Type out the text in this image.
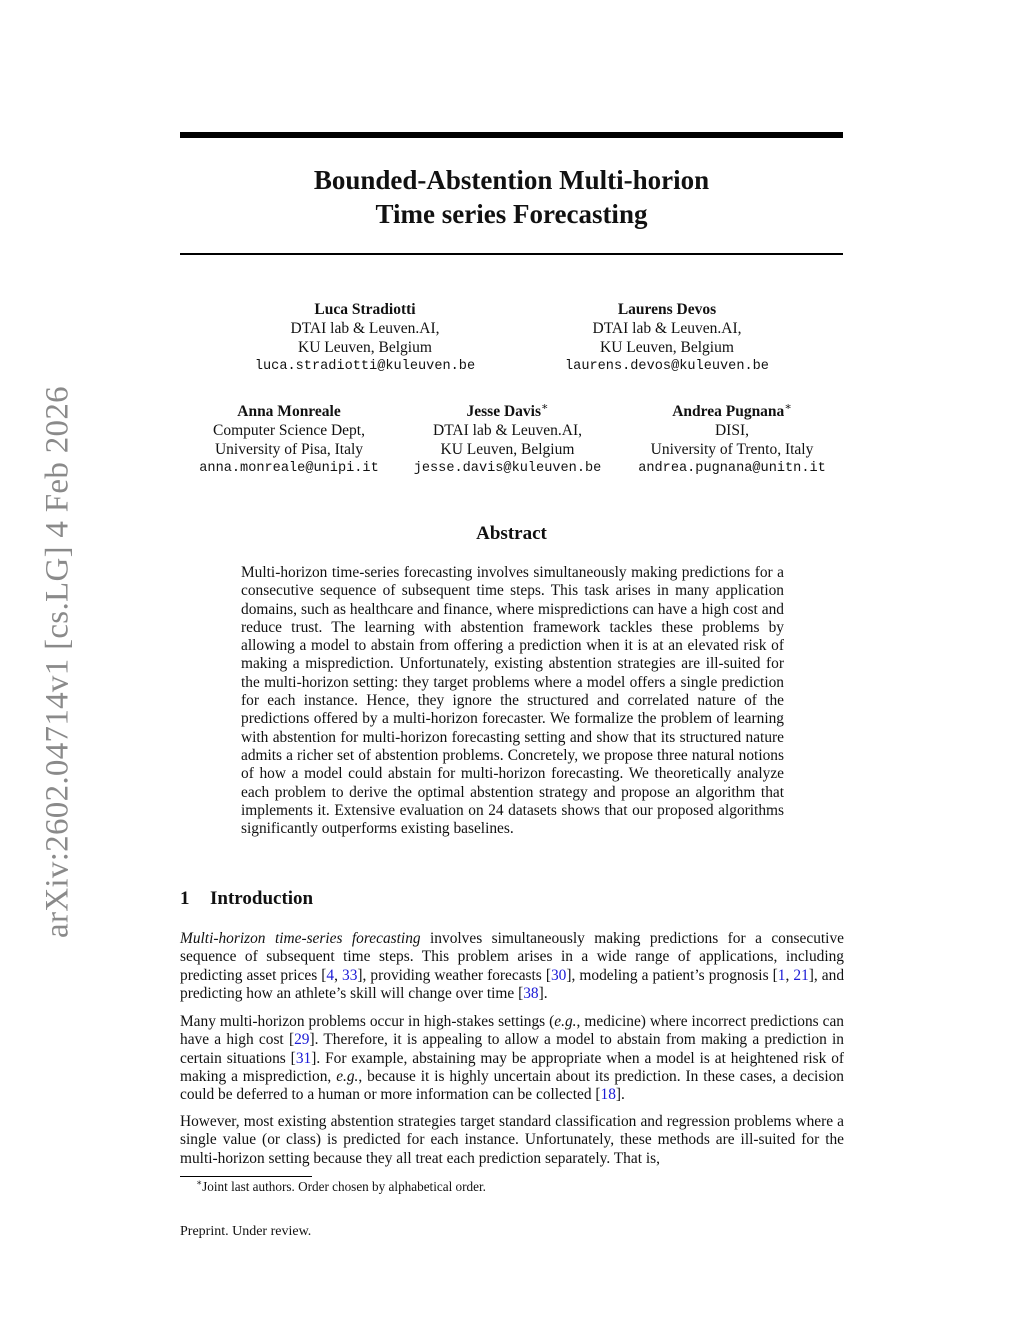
arXiv:2602.04714v1 [cs.LG] 4 Feb 2026
Bounded-Abstention Multi-horion
Time series Forecasting
Luca Stradiotti
DTAI lab & Leuven.AI,
KU Leuven, Belgium
luca.stradiotti@kuleuven.be
Laurens Devos
DTAI lab & Leuven.AI,
KU Leuven, Belgium
laurens.devos@kuleuven.be
Anna Monreale
Computer Science Dept,
University of Pisa, Italy
anna.monreale@unipi.it
Jesse Davis∗
DTAI lab & Leuven.AI,
KU Leuven, Belgium
jesse.davis@kuleuven.be
Andrea Pugnana∗
DISI,
University of Trento, Italy
andrea.pugnana@unitn.it
Abstract
Multi-horizon time-series forecasting involves simultaneously making predictions for a consecutive sequence of subsequent time steps. This task arises in many application domains, such as healthcare and finance, where mispredictions can have a high cost and reduce trust. The learning with abstention framework tackles these problems by allowing a model to abstain from offering a prediction when it is at an elevated risk of making a misprediction. Unfortunately, existing abstention strategies are ill-suited for the multi-horizon setting: they target problems where a model offers a single prediction for each instance. Hence, they ignore the structured and correlated nature of the predictions offered by a multi-horizon forecaster. We formalize the problem of learning with abstention for multi-horizon forecasting setting and show that its structured nature admits a richer set of abstention problems. Concretely, we propose three natural notions of how a model could abstain for multi-horizon forecasting. We theoretically analyze each problem to derive the optimal abstention strategy and propose an algorithm that implements it. Extensive evaluation on 24 datasets shows that our proposed algorithms significantly outperforms existing baselines.
1 Introduction

Multi-horizon time-series forecasting involves simultaneously making predictions for a consecutive sequence of subsequent time steps. This problem arises in a wide range of applications, including predicting asset prices [4, 33], providing weather forecasts [30], modeling a patient’s prognosis [1, 21], and predicting how an athlete’s skill will change over time [38].

Many multi-horizon problems occur in high-stakes settings (e.g., medicine) where incorrect predictions can have a high cost [29]. Therefore, it is appealing to allow a model to abstain from making a prediction in certain situations [31]. For example, abstaining may be appropriate when a model is at heightened risk of making a misprediction, e.g., because it is highly uncertain about its prediction. In these cases, a decision could be deferred to a human or more information can be collected [18].

However, most existing abstention strategies target standard classification and regression problems where a single value (or class) is predicted for each instance. Unfortunately, these methods are ill-suited for the multi-horizon setting because they all treat each prediction separately. That is,

∗Joint last authors. Order chosen by alphabetical order.
Preprint. Under review.
